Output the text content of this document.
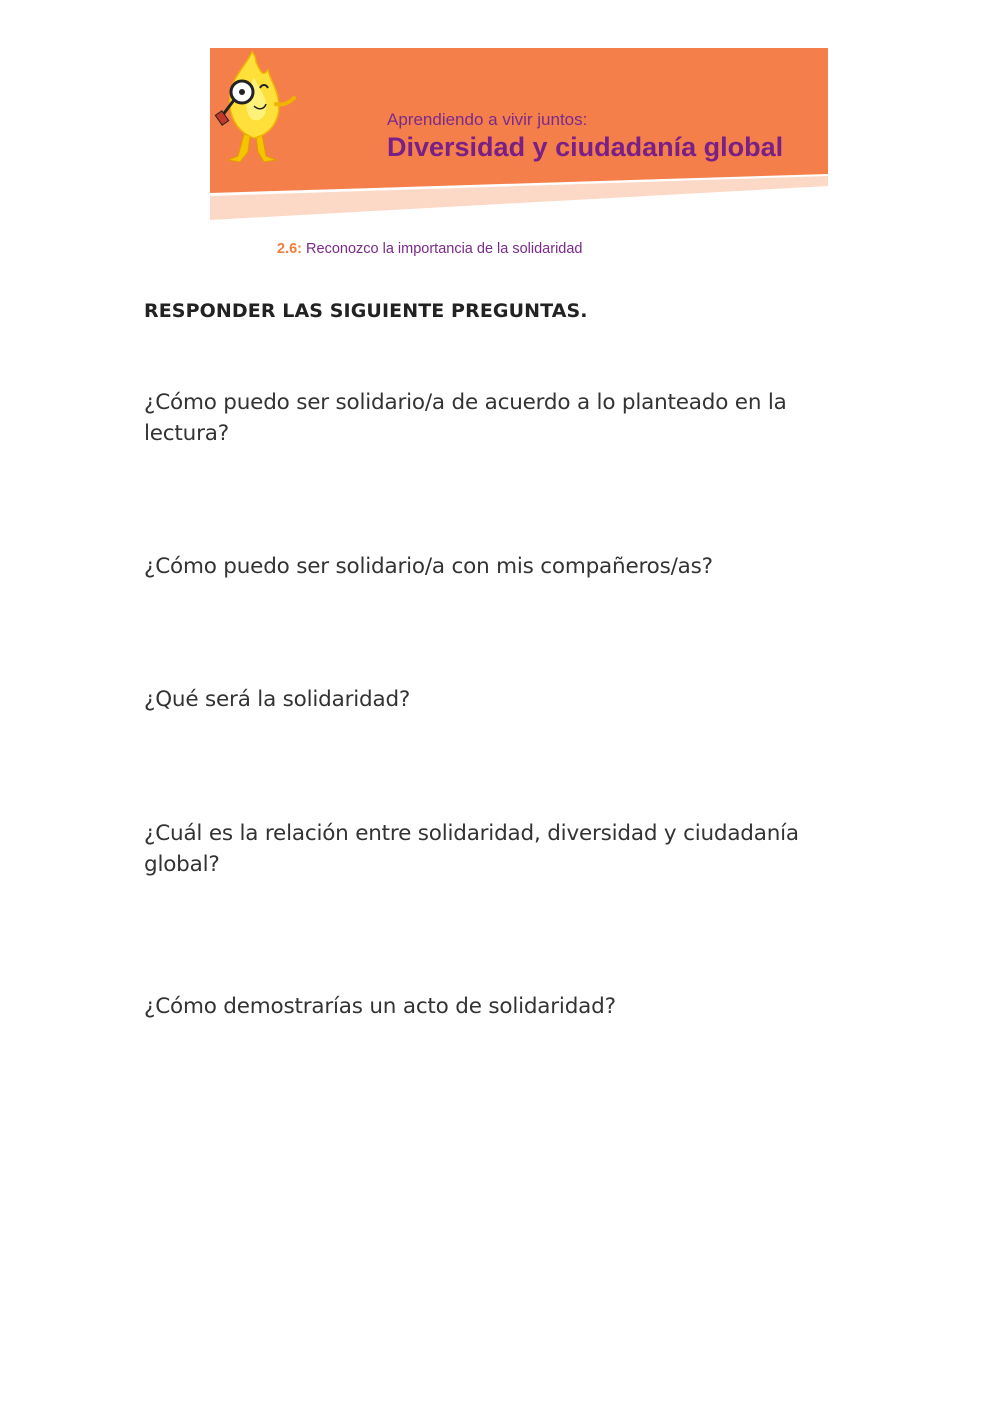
Aprendiendo a vivir juntos:
Diversidad y ciudadanía global
2.6: Reconozco la importancia de la solidaridad
RESPONDER LAS SIGUIENTE PREGUNTAS.
¿Cómo puedo ser solidario/a de acuerdo a lo planteado en la lectura?
¿Cómo puedo ser solidario/a con mis compañeros/as?
¿Qué será la solidaridad?
¿Cuál es la relación entre solidaridad, diversidad y ciudadanía global?
¿Cómo demostrarías un acto de solidaridad?
